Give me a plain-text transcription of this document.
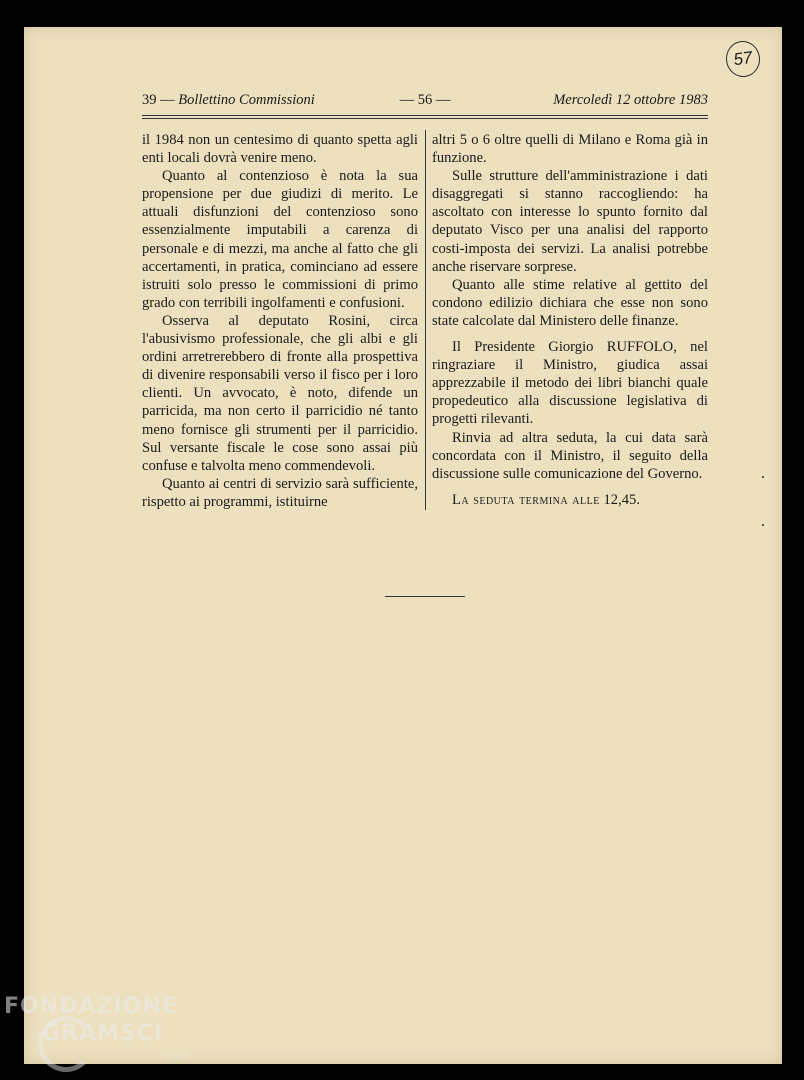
57
39 — Bollettino Commissioni	— 56 —	Mercoledì 12 ottobre 1983

il 1984 non un centesimo di quanto spetta agli enti locali dovrà venire meno.

Quanto al contenzioso è nota la sua propensione per due giudizi di merito. Le attuali disfunzioni del contenzioso sono essenzialmente imputabili a carenza di personale e di mezzi, ma anche al fatto che gli accertamenti, in pratica, cominciano ad essere istruiti solo presso le commissioni di primo grado con terribili ingolfamenti e confusioni.

Osserva al deputato Rosini, circa l'abusivismo professionale, che gli albi e gli ordini arretrerebbero di fronte alla prospettiva di divenire responsabili verso il fisco per i loro clienti. Un avvocato, è noto, difende un parricida, ma non certo il parricidio né tanto meno fornisce gli strumenti per il parricidio. Sul versante fiscale le cose sono assai più confuse e talvolta meno commendevoli.

Quanto ai centri di servizio sarà sufficiente, rispetto ai programmi, istituirne

altri 5 o 6 oltre quelli di Milano e Roma già in funzione.

Sulle strutture dell'amministrazione i dati disaggregati si stanno raccogliendo: ha ascoltato con interesse lo spunto fornito dal deputato Visco per una analisi del rapporto costi-imposta dei servizi. La analisi potrebbe anche riservare sorprese.

Quanto alle stime relative al gettito del condono edilizio dichiara che esse non sono state calcolate dal Ministero delle finanze.

Il Presidente Giorgio RUFFOLO, nel ringraziare il Ministro, giudica assai apprezzabile il metodo dei libri bianchi quale propedeutico alla discussione legislativa di progetti rilevanti.

Rinvia ad altra seduta, la cui data sarà concordata con il Ministro, il seguito della discussione sulle comunicazione del Governo.

La seduta termina alle 12,45.

FONDAZIONE
GRAMSCI
onlus
